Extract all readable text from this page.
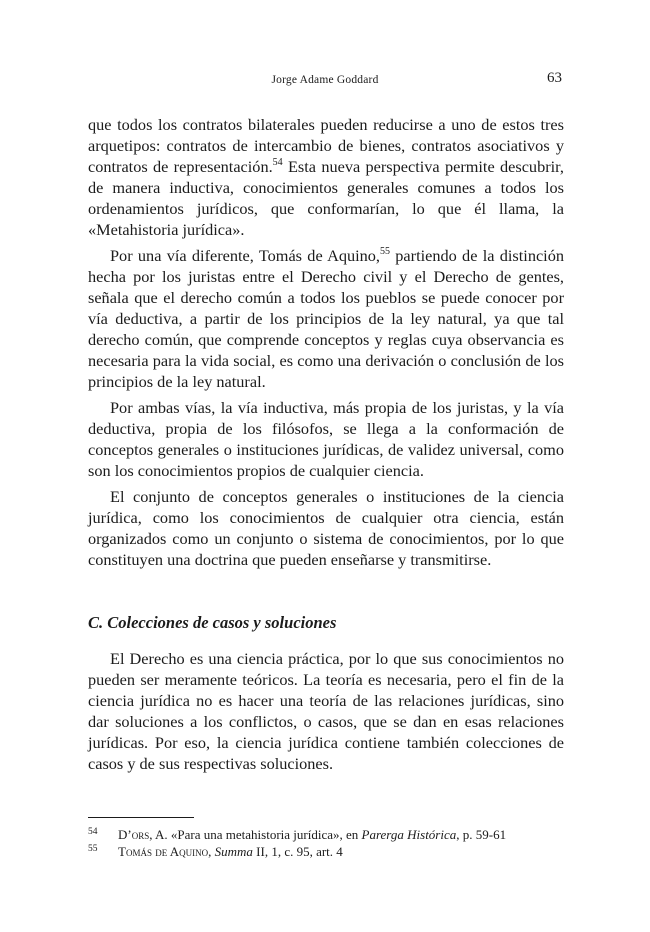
Jorge Adame Goddard	63

que todos los contratos bilaterales pueden reducirse a uno de estos tres arquetipos: contratos de intercambio de bienes, contratos asociativos y contratos de representación.$^{54}$ Esta nueva perspectiva permite descubrir, de manera inductiva, conocimientos generales comunes a todos los ordenamientos jurídicos, que conformarían, lo que él llama, la «Metahistoria jurídica».

Por una vía diferente, Tomás de Aquino,$^{55}$ partiendo de la distinción hecha por los juristas entre el Derecho civil y el Derecho de gentes, señala que el derecho común a todos los pueblos se puede conocer por vía deductiva, a partir de los principios de la ley natural, ya que tal derecho común, que comprende conceptos y reglas cuya observancia es necesaria para la vida social, es como una derivación o conclusión de los principios de la ley natural.

Por ambas vías, la vía inductiva, más propia de los juristas, y la vía deductiva, propia de los filósofos, se llega a la conformación de conceptos generales o instituciones jurídicas, de validez universal, como son los conocimientos propios de cualquier ciencia.

El conjunto de conceptos generales o instituciones de la ciencia jurídica, como los conocimientos de cualquier otra ciencia, están organizados como un conjunto o sistema de conocimientos, por lo que constituyen una doctrina que pueden enseñarse y transmitirse.

C. Colecciones de casos y soluciones

El Derecho es una ciencia práctica, por lo que sus conocimientos no pueden ser meramente teóricos. La teoría es necesaria, pero el fin de la ciencia jurídica no es hacer una teoría de las relaciones jurídicas, sino dar soluciones a los conflictos, o casos, que se dan en esas relaciones jurídicas. Por eso, la ciencia jurídica contiene también colecciones de casos y de sus respectivas soluciones.

54	D’ors, A. «Para una metahistoria jurídica», en Parerga Histórica, p. 59-61
55	Tomás de Aquino, Summa II, 1, c. 95, art. 4
